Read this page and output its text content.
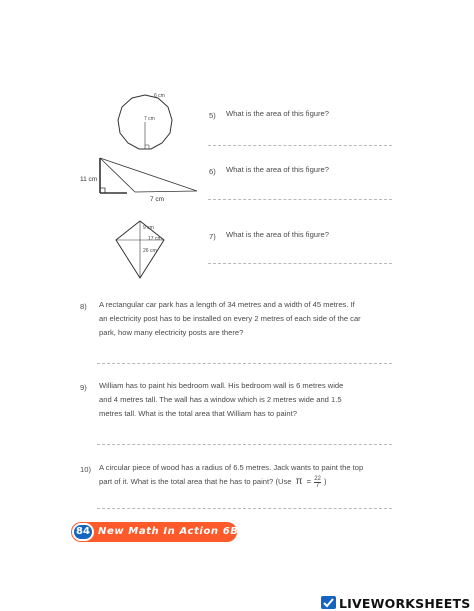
6 cm
7 cm
11 cm
7 cm
9 cm
17 cm
26 cm
5) What is the area of this figure?
6) What is the area of this figure?
7) What is the area of this figure?
8) A rectangular car park has a length of 34 metres and a width of 45 metres. If
an electricity post has to be installed on every 2 metres of each side of the car
park, how many electricity posts are there?
9) William has to paint his bedroom wall. His bedroom wall is 6 metres wide
and 4 metres tall. The wall has a window which is 2 metres wide and 1.5
metres tall. What is the total area that William has to paint?
10) A circular piece of wood has a radius of 6.5 metres. Jack wants to paint the top
part of it. What is the total area that he has to paint? (Use $\pi = \frac{22}{7}$ )
84 New Math In Action 6B
LIVEWORKSHEETS
